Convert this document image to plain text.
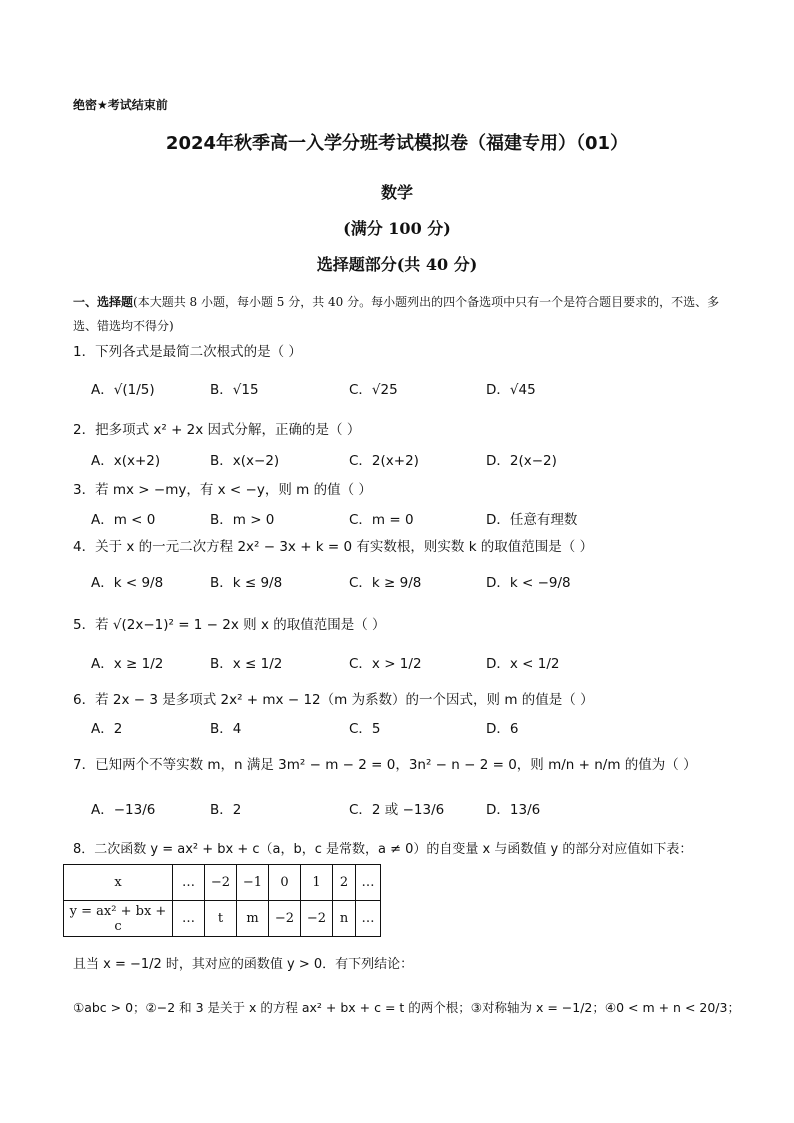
绝密★考试结束前
2024年秋季高一入学分班考试模拟卷（福建专用）（01）
数学
(满分 100 分)
选择题部分(共 40 分)
一、选择题(本大题共 8 小题，每小题 5 分，共 40 分。每小题列出的四个备选项中只有一个是符合题目要求的，不选、多选、错选均不得分)
1．下列各式是最简二次根式的是（ ）
A．√(1/5)	B．√15	C．√25	D．√45
2．把多项式 x² + 2x 因式分解，正确的是（ ）
A．x(x+2)	B．x(x−2)	C．2(x+2)	D．2(x−2)
3．若 mx > −my，有 x < −y，则 m 的值（ ）
A．m < 0	B．m > 0	C．m = 0	D．任意有理数
4．关于 x 的一元二次方程 2x² − 3x + k = 0 有实数根，则实数 k 的取值范围是（ ）
A．k < 9/8	B．k ≤ 9/8	C．k ≥ 9/8	D．k < −9/8
5．若 √(2x−1)² = 1 − 2x 则 x 的取值范围是（ ）
A．x ≥ 1/2	B．x ≤ 1/2	C．x > 1/2	D．x < 1/2
6．若 2x − 3 是多项式 2x² + mx − 12（m 为系数）的一个因式，则 m 的值是（ ）
A．2	B．4	C．5	D．6
7．已知两个不等实数 m，n 满足 3m² − m − 2 = 0，3n² − n − 2 = 0，则 m/n + n/m 的值为（ ）
A．−13/6	B．2	C．2 或 −13/6	D．13/6
8．二次函数 y = ax² + bx + c（a，b，c 是常数，a ≠ 0）的自变量 x 与函数值 y 的部分对应值如下表：
x	…	−2	−1	0	1	2	…
y = ax² + bx + c	…	t	m	−2	−2	n	…
且当 x = −1/2 时，其对应的函数值 y > 0．有下列结论：
①abc > 0；②−2 和 3 是关于 x 的方程 ax² + bx + c = t 的两个根；③对称轴为 x = −1/2；④0 < m + n < 20/3；
